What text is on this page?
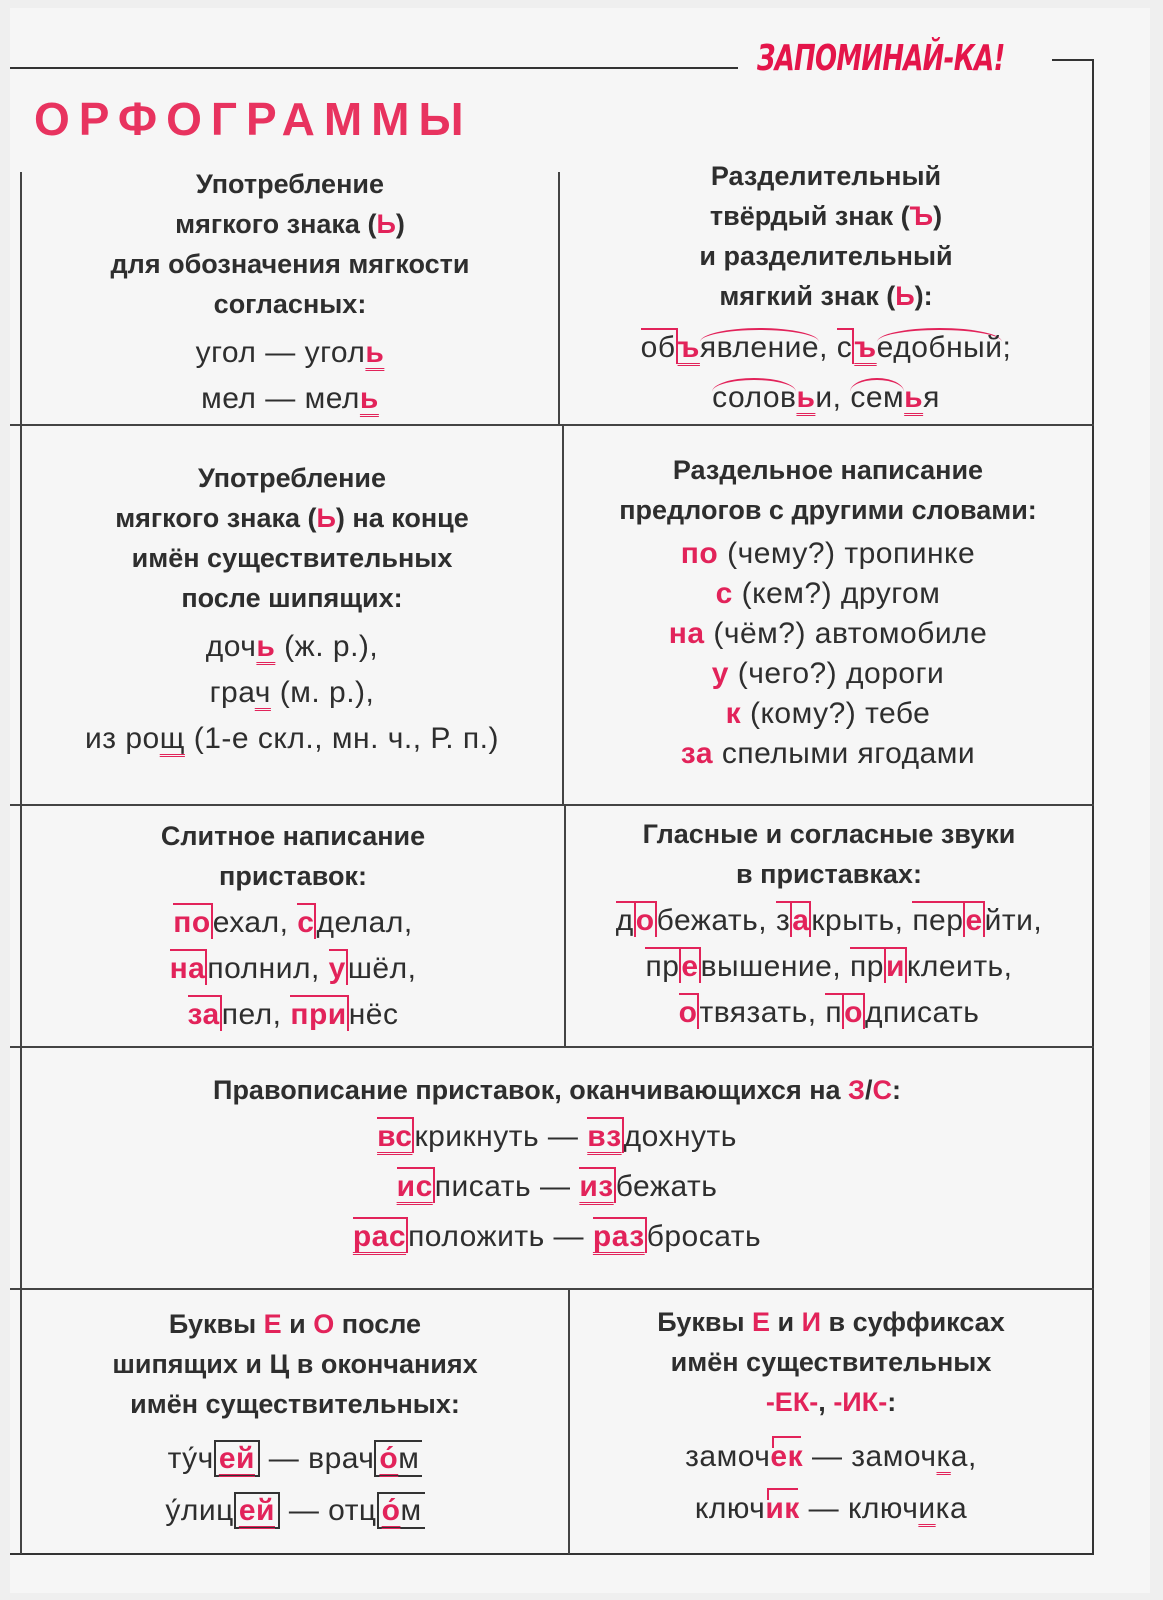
ЗАПОМИНАЙ-КА!
ОРФОГРАММЫ
Употребление
мягкого знака (Ь)
для обозначения мягкости
согласных:
угол — уголь
мел — мель
Разделительный
твёрдый знак (Ъ)
и разделительный
мягкий знак (Ь):
объявление, съедобный;
соловьи, семья
Употребление
мягкого знака (Ь) на конце
имён существительных
после шипящих:
дочь (ж. р.),
грач (м. р.),
из рощ (1-е скл., мн. ч., Р. п.)
Раздельное написание
предлогов с другими словами:
по (чему?) тропинке
с (кем?) другом
на (чём?) автомобиле
у (чего?) дороги
к (кому?) тебе
за спелыми ягодами
Слитное написание
приставок:
поехал, сделал,
наполнил, ушёл,
запел, принёс
Гласные и согласные звуки
в приставках:
добежать, закрыть, перейти,
превышение, приклеить,
отвязать, подписать
Правописание приставок, оканчивающихся на З/С:
вскрикнуть — вздохнуть
исписать — избежать
расположить — разбросать
Буквы Е и О после
шипящих и Ц в окончаниях
имён существительных:
ту́ч ей — врач о́м
у́лиц ей — отц о́м
Буквы Е и И в суффиксах
имён существительных
-ЕК-, -ИК-:
замочек — замочка,
ключик — ключика
